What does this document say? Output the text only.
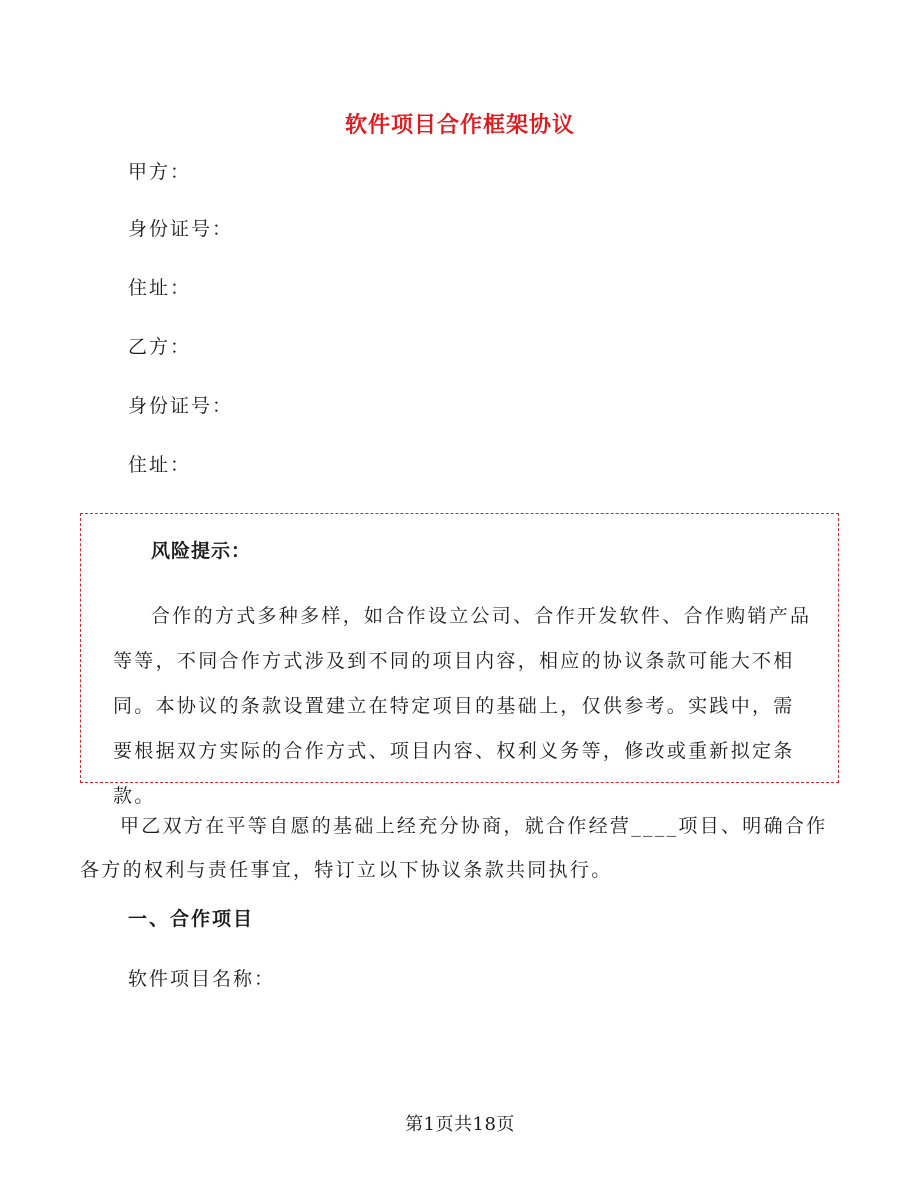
软件项目合作框架协议
甲方：
身份证号：
住址：
乙方：
身份证号：
住址：
风险提示：
合作的方式多种多样，如合作设立公司、合作开发软件、合作购销产品等等，不同合作方式涉及到不同的项目内容，相应的协议条款可能大不相同。本协议的条款设置建立在特定项目的基础上，仅供参考。实践中，需要根据双方实际的合作方式、项目内容、权利义务等，修改或重新拟定条款。
甲乙双方在平等自愿的基础上经充分协商，就合作经营____项目、明确合作各方的权利与责任事宜，特订立以下协议条款共同执行。
一、合作项目
软件项目名称：
第1页共18页
